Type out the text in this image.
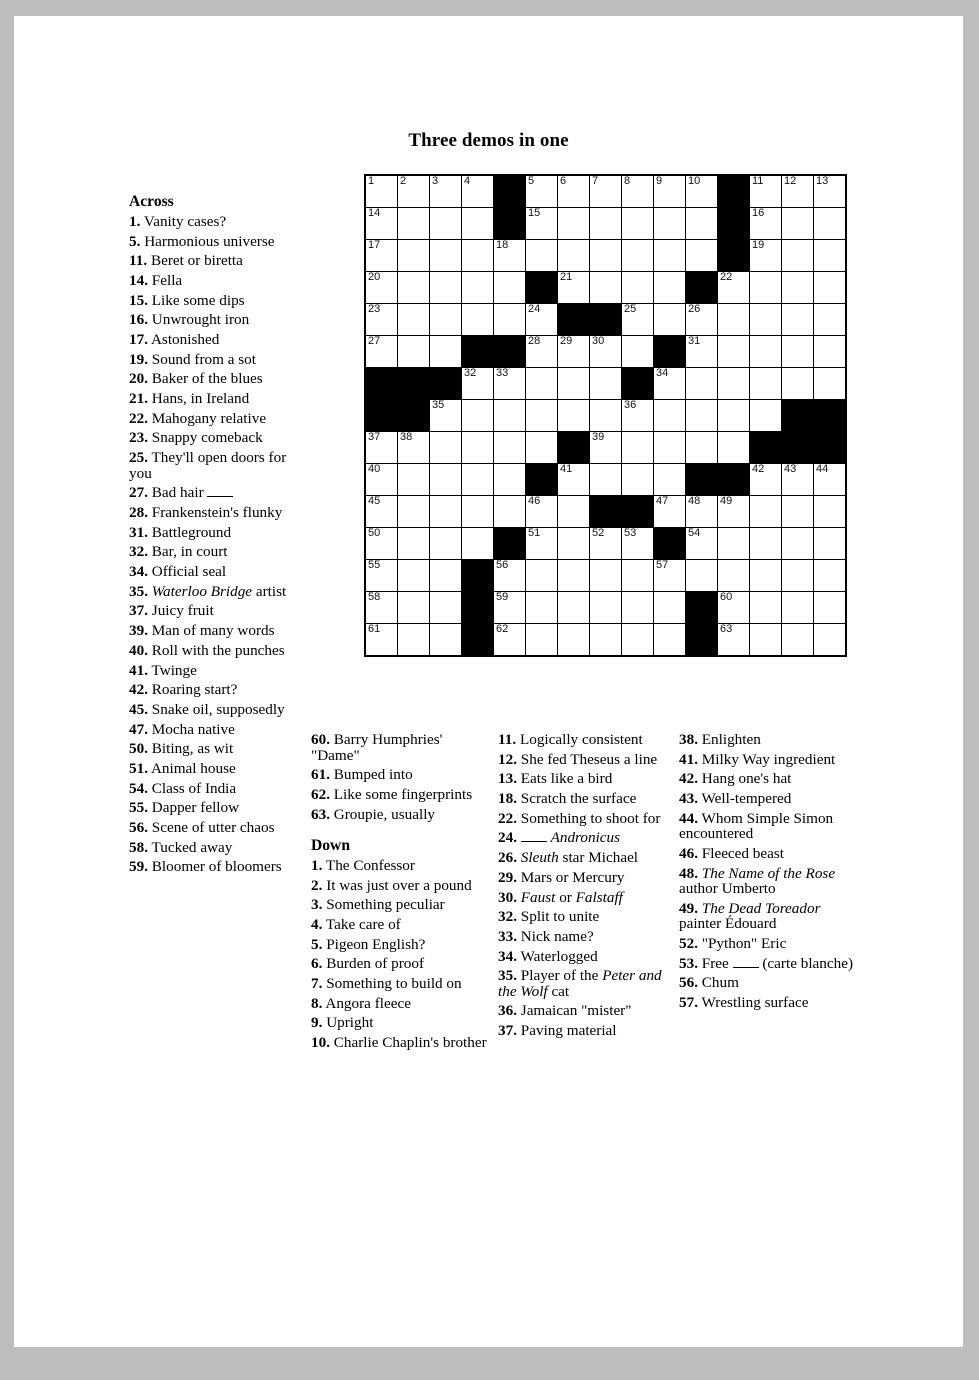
Three demos in one
1	2	3	4		5	6	7	8	9	10		11	12	13

14					15							16		

17				18								19		

20						21					22			

23					24			25		26				

27					28	29	30			31				

			32	33					34					

		35						36						

37	38						39							

40						41						42	43	44

45					46				47	48	49			

50					51		52	53		54				

55				56					57					

58				59							60			

61				62							63			

Across
1. Vanity cases?
5. Harmonious universe
11. Beret or biretta
14. Fella
15. Like some dips
16. Unwrought iron
17. Astonished
19. Sound from a sot
20. Baker of the blues
21. Hans, in Ireland
22. Mahogany relative
23. Snappy comeback
25. They'll open doors for you
27. Bad hair
28. Frankenstein's flunky
31. Battleground
32. Bar, in court
34. Official seal
35. Waterloo Bridge artist
37. Juicy fruit
39. Man of many words
40. Roll with the punches
41. Twinge
42. Roaring start?
45. Snake oil, supposedly
47. Mocha native
50. Biting, as wit
51. Animal house
54. Class of India
55. Dapper fellow
56. Scene of utter chaos
58. Tucked away
59. Bloomer of bloomers
60. Barry Humphries' "Dame"
61. Bumped into
62. Like some fingerprints
63. Groupie, usually
Down
1. The Confessor
2. It was just over a pound
3. Something peculiar
4. Take care of
5. Pigeon English?
6. Burden of proof
7. Something to build on
8. Angora fleece
9. Upright
10. Charlie Chaplin's brother
11. Logically consistent
12. She fed Theseus a line
13. Eats like a bird
18. Scratch the surface
22. Something to shoot for
24. Andronicus
26. Sleuth star Michael
29. Mars or Mercury
30. Faust or Falstaff
32. Split to unite
33. Nick name?
34. Waterlogged
35. Player of the Peter and the Wolf cat
36. Jamaican "mister"
37. Paving material
38. Enlighten
41. Milky Way ingredient
42. Hang one's hat
43. Well-tempered
44. Whom Simple Simon encountered
46. Fleeced beast
48. The Name of the Rose author Umberto
49. The Dead Toreador painter Édouard
52. "Python" Eric
53. Free  (carte blanche)
56. Chum
57. Wrestling surface
